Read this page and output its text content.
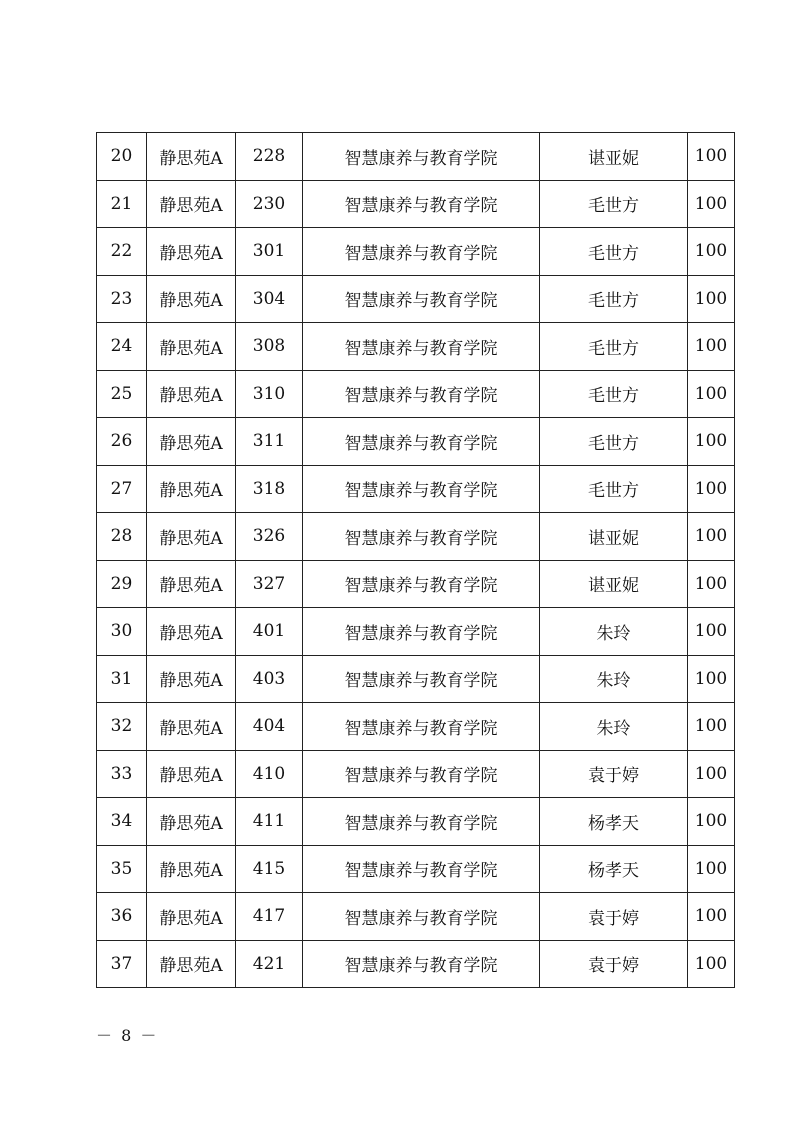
20	静思苑A	228	智慧康养与教育学院	谌亚妮	100
21	静思苑A	230	智慧康养与教育学院	毛世方	100
22	静思苑A	301	智慧康养与教育学院	毛世方	100
23	静思苑A	304	智慧康养与教育学院	毛世方	100
24	静思苑A	308	智慧康养与教育学院	毛世方	100
25	静思苑A	310	智慧康养与教育学院	毛世方	100
26	静思苑A	311	智慧康养与教育学院	毛世方	100
27	静思苑A	318	智慧康养与教育学院	毛世方	100
28	静思苑A	326	智慧康养与教育学院	谌亚妮	100
29	静思苑A	327	智慧康养与教育学院	谌亚妮	100
30	静思苑A	401	智慧康养与教育学院	朱玲	100
31	静思苑A	403	智慧康养与教育学院	朱玲	100
32	静思苑A	404	智慧康养与教育学院	朱玲	100
33	静思苑A	410	智慧康养与教育学院	袁于婷	100
34	静思苑A	411	智慧康养与教育学院	杨孝天	100
35	静思苑A	415	智慧康养与教育学院	杨孝天	100
36	静思苑A	417	智慧康养与教育学院	袁于婷	100
37	静思苑A	421	智慧康养与教育学院	袁于婷	100
－ 8 －
